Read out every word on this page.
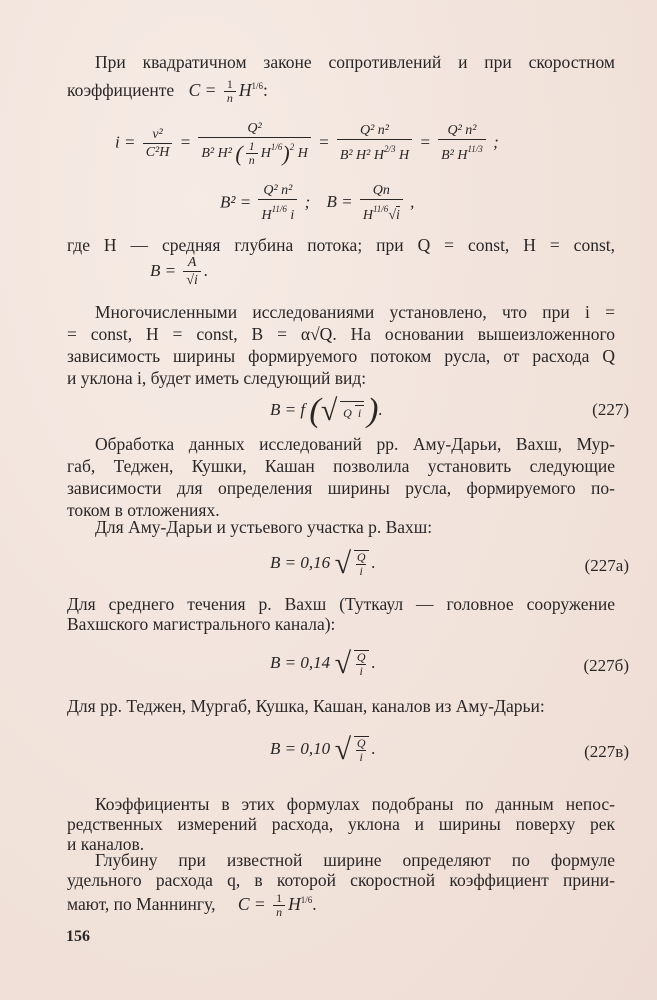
При квадратичном законе сопротивлений и при скоростном
коэффициенте $C = \frac{1}{n} H^{1/6}$:
$i = \frac{\text{v²}}{\text{C²H}} = \frac{\text{Q²}}{B^2 H^2 ( \frac{1}{n} H^{1/6})^2 H} = \frac{\text{Q² n²}}{B^2 H^2 H^{2/3} H} = \frac{\text{Q² n²}}{B^2 H^{11/3}}$ ;
$B^2 = \frac{\text{Q² n²}}{H^{11/6} i}$ ; $B = \frac{Qn}{H^{11/6}√i}$ ,
где H — средняя глубина потока; при Q = const, H = const,
$B = \frac{A}{√i}$ .
Многочисленными исследованиями установлено, что при i =
= const, H = const, B = α√Q. На основании вышеизложенного
зависимость ширины формируемого потоком русла, от расхода Q
и уклона i, будет иметь следующий вид:
B = f (√ Q i ).	(227)
Обработка данных исследований рр. Аму-Дарьи, Вахш, Мур-
габ, Теджен, Кушки, Кашан позволила установить следующие
зависимости для определения ширины русла, формируемого по-
током в отложениях.
Для Аму-Дарьи и устьевого участка р. Вахш:
B = 0,16 √ $\frac{Q}{i}$ .	(227а)
Для среднего течения р. Вахш (Туткаул — головное сооружение
Вахшского магистрального канала):
B = 0,14 √ $\frac{Q}{i}$ .	(227б)
Для рр. Теджен, Мургаб, Кушка, Кашан, каналов из Аму-Дарьи:
B = 0,10 √ $\frac{Q}{i}$ .	(227в)
Коэффициенты в этих формулах подобраны по данным непос-
редственных измерений расхода, уклона и ширины поверху рек
и каналов.
Глубину при известной ширине определяют по формуле
удельного расхода q, в которой скоростной коэффициент прини-
мают, по Маннингу, $C = \frac{1}{n} H^{1/6}$.
156
